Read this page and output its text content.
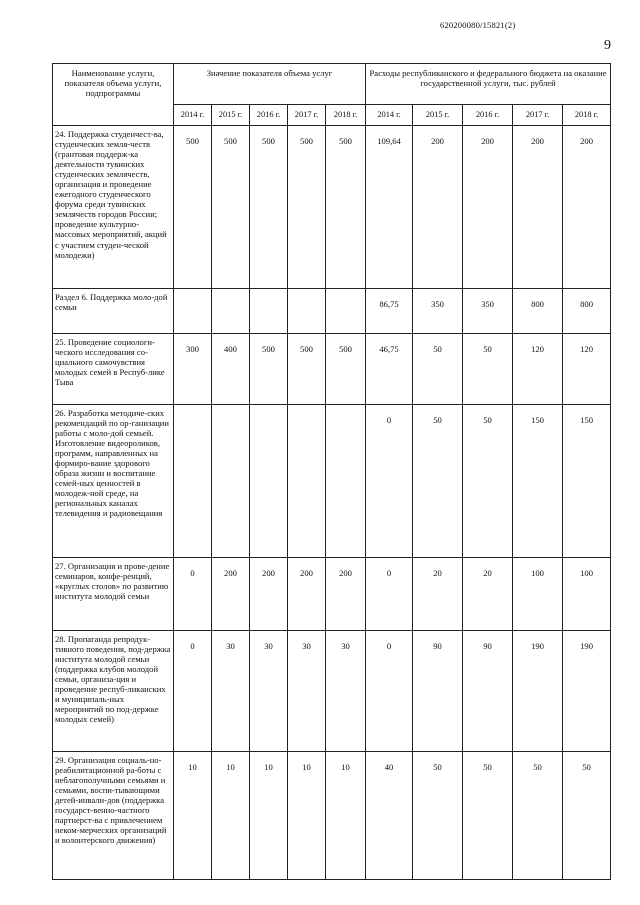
620200080/15821(2)
9
Наименование услуги, показателя объема услуги, подпрограммы	Значение показателя объема услуг					Расходы республиканского и федерального бюджета на оказание государственной услуги, тыс. рублей				
	2014 г.	2015 г.	2016 г.	2017 г.	2018 г.	2014 г.	2015 г.	2016 г.	2017 г.	2018 г.
24. Поддержка студенчест-ва, студенческих земля-честв (грантовая поддерж-ка деятельности тувинских студенческих землячеств, организация и проведение ежегодного студенческого форума среди тувинских землячеств городов России; проведение культурно-массовых мероприятий, акций с участием студен-ческой молодежи)	500	500	500	500	500	109,64	200	200	200	200
Раздел 6. Поддержка моло-дой семьи						86,75	350	350	800	800
25. Проведение социологи-ческого исследования со-циального самочувствия молодых семей в Респуб-лике Тыва	300	400	500	500	500	46,75	50	50	120	120
26. Разработка методиче-ских рекомендаций по ор-ганизации работы с моло-дой семьей. Изготовление видеороликов, программ, направленных на формиро-вание здорового образа жизни и воспитание семей-ных ценностей в молодеж-ной среде, на региональных каналах телевидения и радиовещания						0	50	50	150	150
27. Организация и прове-дение семинаров, конфе-ренций, «круглых столов» по развитию института молодой семьи	0	200	200	200	200	0	20	20	100	100
28. Пропаганда репродук-тивного поведения, под-держка института молодой семьи (поддержка клубов молодой семьи, организа-ция и проведение респуб-ликанских и муниципаль-ных мероприятий по под-держке молодых семей)	0	30	30	30	30	0	90	90	190	190
29. Организация социаль-но-реабилитационной ра-боты с неблагополучными семьями и семьями, воспи-тывающими детей-инвали-дов (поддержка государст-венно-частного партнерст-ва с привлечением неком-мерческих организаций и волонтерского движения)	10	10	10	10	10	40	50	50	50	50
